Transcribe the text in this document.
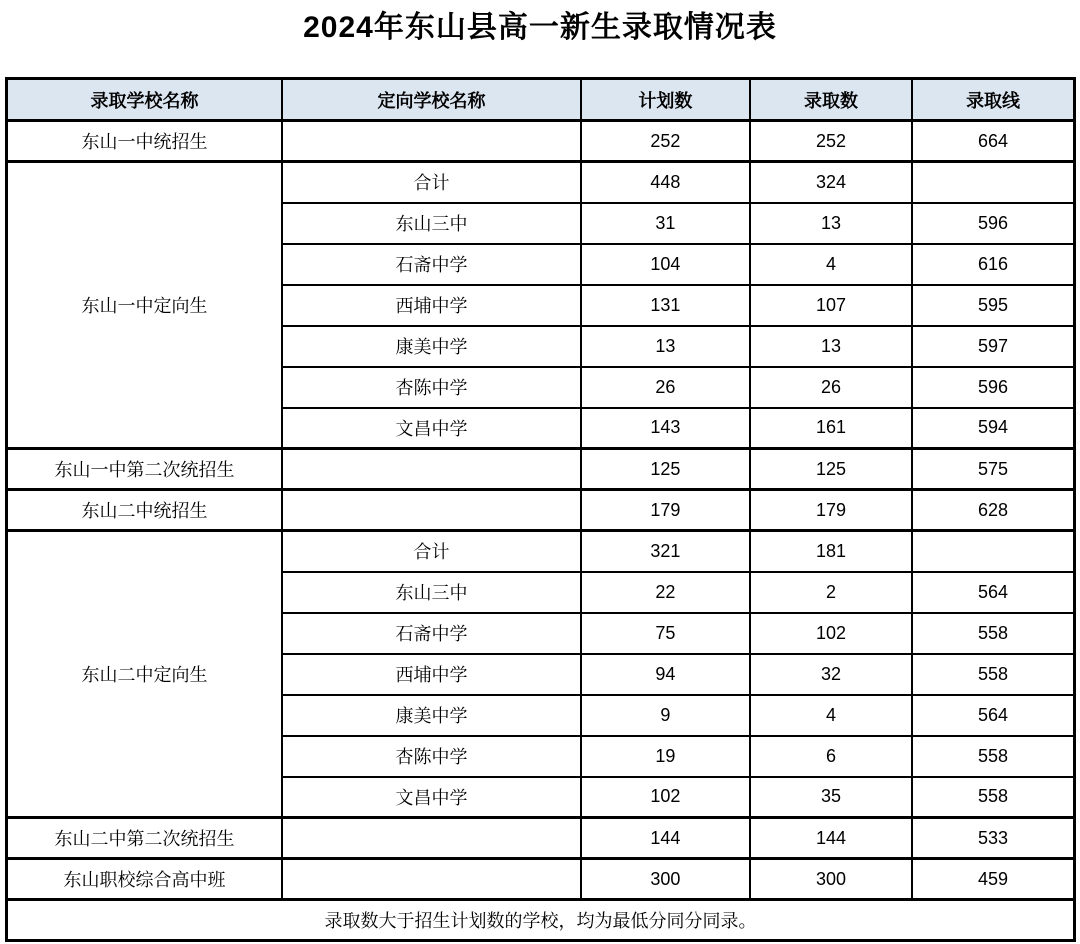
2024年东山县高一新生录取情况表
录取学校名称	定向学校名称	计划数	录取数	录取线
东山一中统招生		252	252	664
东山一中定向生	合计	448	324	
	东山三中	31	13	596
	石斋中学	104	4	616
	西埔中学	131	107	595
	康美中学	13	13	597
	杏陈中学	26	26	596
	文昌中学	143	161	594
东山一中第二次统招生		125	125	575
东山二中统招生		179	179	628
东山二中定向生	合计	321	181	
	东山三中	22	2	564
	石斋中学	75	102	558
	西埔中学	94	32	558
	康美中学	9	4	564
	杏陈中学	19	6	558
	文昌中学	102	35	558
东山二中第二次统招生		144	144	533
东山职校综合高中班		300	300	459
录取数大于招生计划数的学校，均为最低分同分同录。				
